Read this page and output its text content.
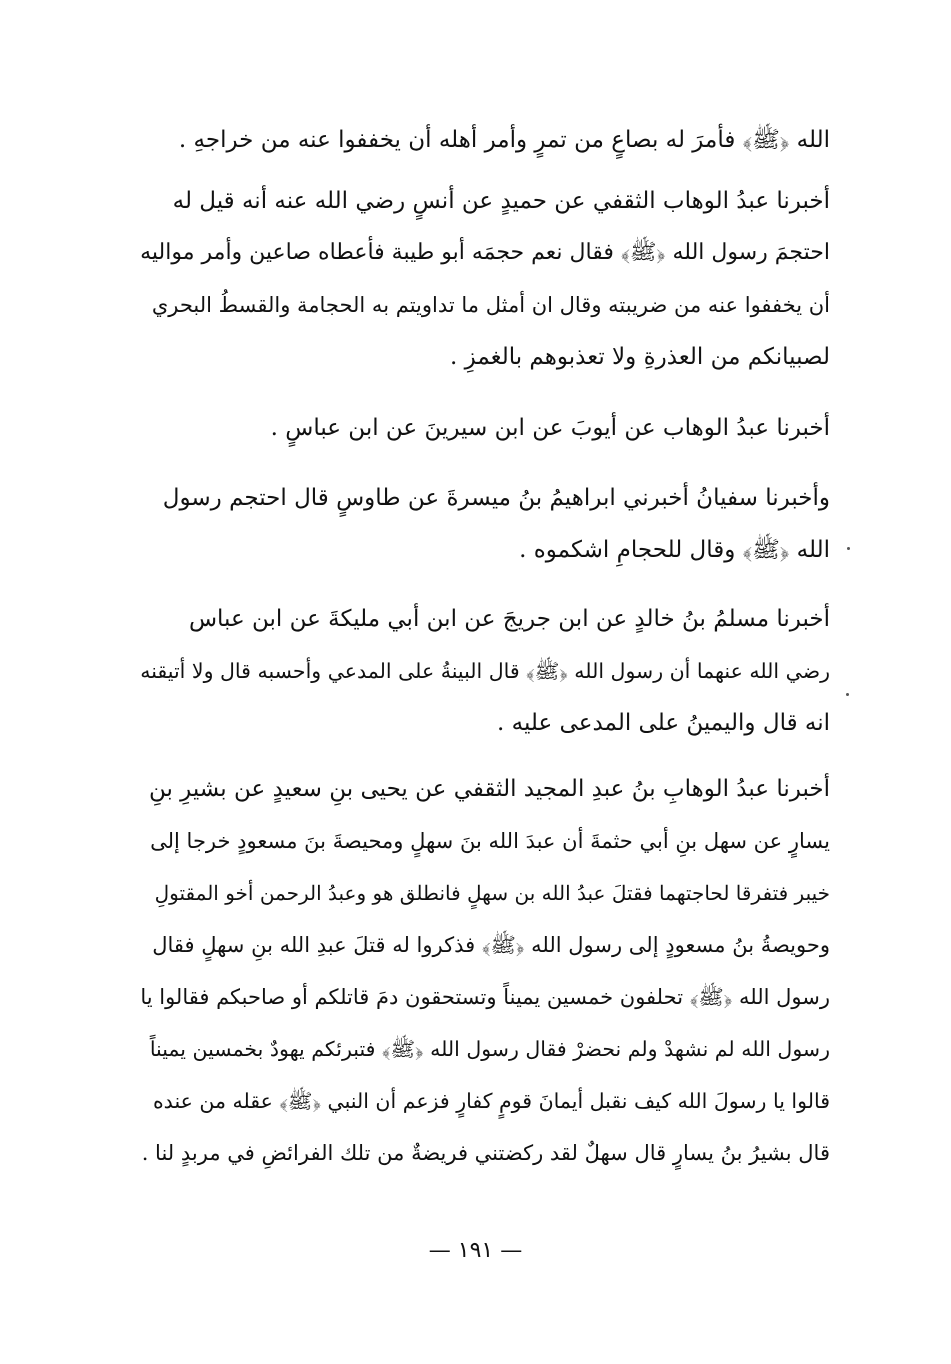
الله ﴿ﷺ﴾ فأمرَ له بصاعٍ من تمرٍ وأمر أهله أن يخففوا عنه من خراجهِ .
أخبرنا عبدُ الوهاب الثقفي عن حميدٍ عن أنسٍ رضي الله عنه أنه قيل له
احتجمَ رسول الله ﴿ﷺ﴾ فقال نعم حجمَه أبو طيبة فأعطاه صاعين وأمر مواليه
أن يخففوا عنه من ضريبته وقال ان أمثل ما تداويتم به الحجامة والقسطُ البحري
لصبيانكم من العذرةِ ولا تعذبوهم بالغمزِ .
أخبرنا عبدُ الوهاب عن أيوبَ عن ابن سيرينَ عن ابن عباسٍ .
وأخبرنا سفيانُ أخبرني ابراهيمُ بنُ ميسرةَ عن طاوسٍ قال احتجم رسول
الله ﴿ﷺ﴾ وقال للحجامِ اشكموه .
أخبرنا مسلمُ بنُ خالدٍ عن ابن جريجَ عن ابن أبي مليكةَ عن ابن عباس
رضي الله عنهما أن رسول الله ﴿ﷺ﴾ قال البينةُ على المدعي وأحسبه قال ولا أتيقنه
انه قال واليمينُ على المدعى عليه .
أخبرنا عبدُ الوهابِ بنُ عبدِ المجيد الثقفي عن يحيى بنِ سعيدٍ عن بشيرِ بنِ
يسارٍ عن سهل بنِ أبي حثمةَ أن عبدَ الله بنَ سهلٍ ومحيصةَ بنَ مسعودٍ خرجا إلى
خيبر فتفرقا لحاجتهما فقتلَ عبدُ الله بن سهلٍ فانطلق هو وعبدُ الرحمن أخو المقتولِ
وحويصةُ بنُ مسعودٍ إلى رسول الله ﴿ﷺ﴾ فذكروا له قتلَ عبدِ الله بنِ سهلٍ فقال
رسول الله ﴿ﷺ﴾ تحلفون خمسين يميناً وتستحقون دمَ قاتلكم أو صاحبكم فقالوا يا
رسول الله لم نشهدْ ولم نحضرْ فقال رسول الله ﴿ﷺ﴾ فتبرئكم يهودٌ بخمسين يميناً
قالوا يا رسولَ الله كيف نقبل أيمانَ قومٍ كفارٍ فزعم أن النبي ﴿ﷺ﴾ عقله من عنده
قال بشيرُ بنُ يسارٍ قال سهلٌ لقد ركضتني فريضةٌ من تلك الفرائضِ في مربدٍ لنا .
— ١٩١ —
